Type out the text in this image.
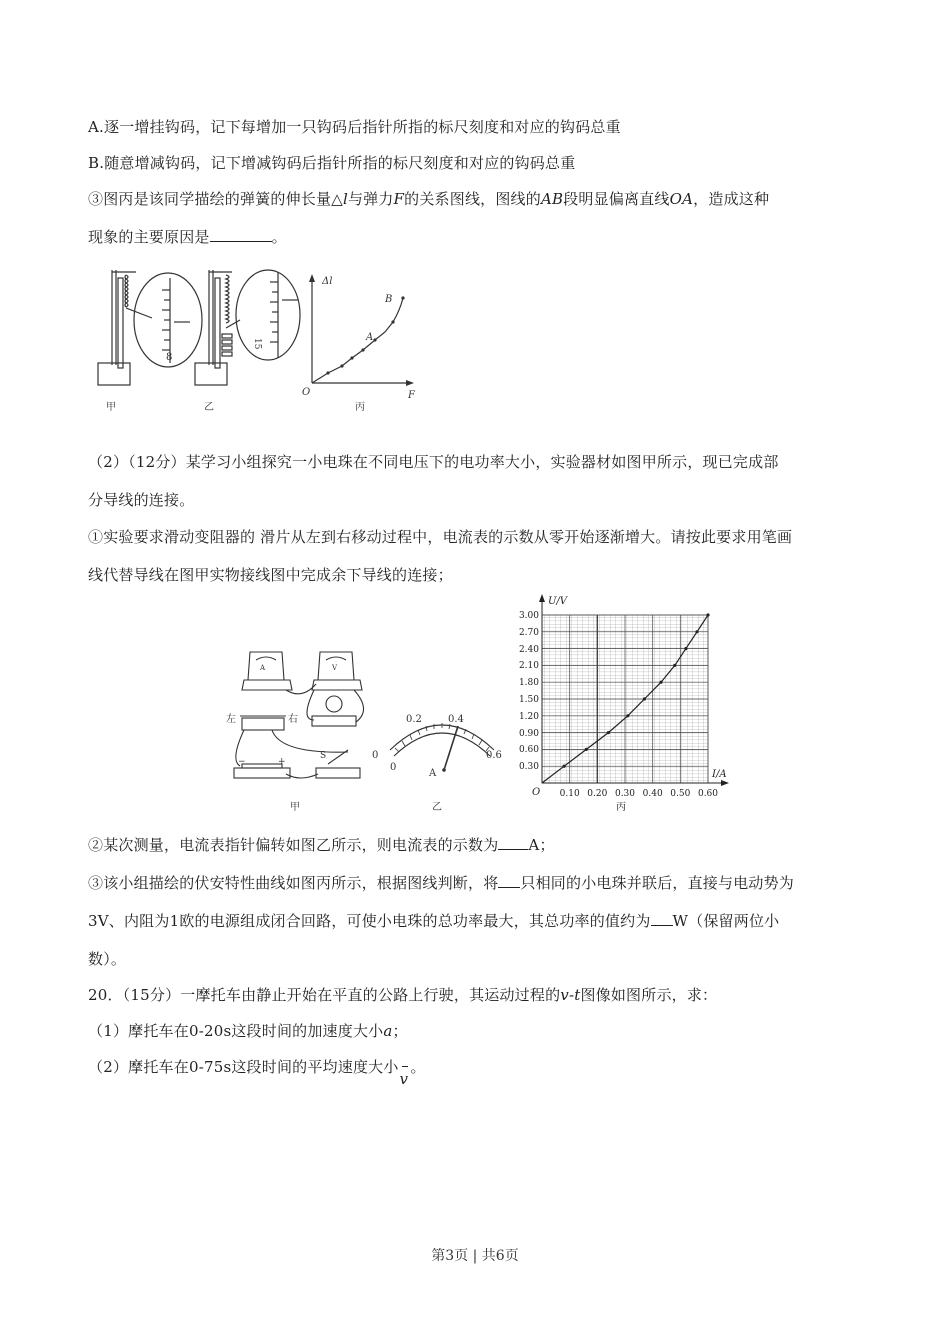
A.逐一增挂钩码，记下每增加一只钩码后指针所指的标尺刻度和对应的钩码总重
B.随意增减钩码，记下增减钩码后指针所指的标尺刻度和对应的钩码总重
③图丙是该同学描绘的弹簧的伸长量△l与弹力F的关系图线，图线的AB段明显偏离直线OA，造成这种
现象的主要原因是	。
8
15
Δl
F
O
A
B
甲	乙	丙
（2）（12分）某学习小组探究一小电珠在不同电压下的电功率大小，实验器材如图甲所示，现已完成部
分导线的连接。
①实验要求滑动变阻器的 滑片从左到右移动过程中，电流表的示数从零开始逐渐增大。请按此要求用笔画
线代替导线在图甲实物接线图中完成余下导线的连接；
A	V
左	右
S
−	+
甲
0
0.2	0.4
0.6
0
A
乙
0.30
0.60
0.90
1.20
1.50
1.80
2.10
2.40
2.70
3.00
0.10 0.20 0.30 0.40 0.50 0.60
U/V
I/A
O
丙
②某次测量，电流表指针偏转如图乙所示，则电流表的示数为 A；
③该小组描绘的伏安特性曲线如图丙所示，根据图线判断，将 只相同的小电珠并联后，直接与电动势为
3V、内阻为1欧的电源组成闭合回路，可使小电珠的总功率最大，其总功率的值约为 W（保留两位小
数）。
20．（15分）一摩托车由静止开始在平直的公路上行驶，其运动过程的v-t图像如图所示，求：
（1）摩托车在0-20s这段时间的加速度大小a；
（2）摩托车在0-75s这段时间的平均速度大小
v
。
第3页 | 共6页
